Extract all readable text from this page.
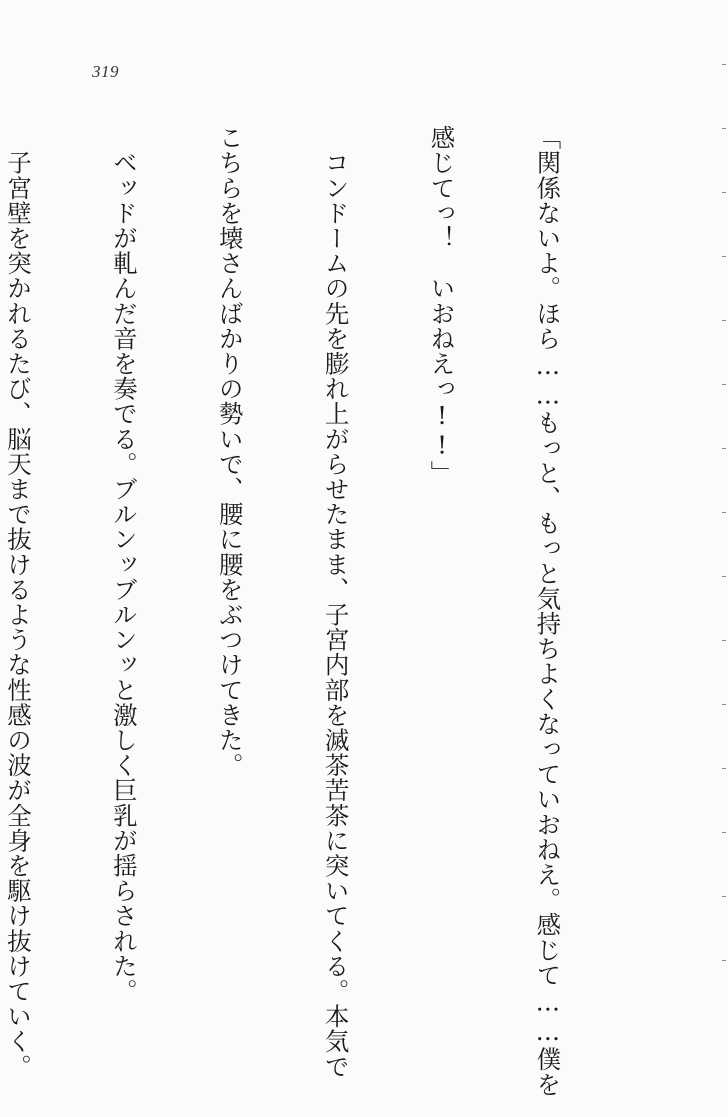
319

「関係ないよ。ほら……もっと、もっと気持ちよくなっていおねえ。感じて……僕を

感じてっ！　いおねえっ!!」

　コンドームの先を膨れ上がらせたまま、子宮内部を滅茶苦茶に突いてくる。本気で

こちらを壊さんばかりの勢いで、腰に腰をぶつけてきた。

　ベッドが軋んだ音を奏でる。ブルンッブルンッと激しく巨乳が揺らされた。

　子宮壁を突かれるたび、脳天まで抜けるような性感の波が全身を駆け抜けていく。
